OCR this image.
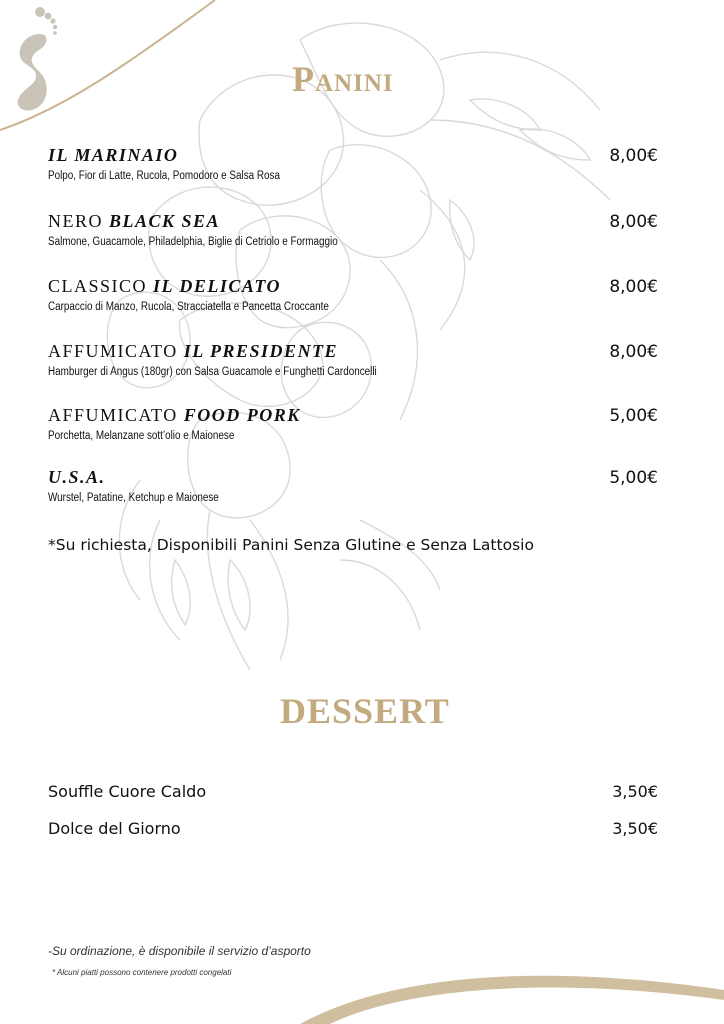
Panini
IL MARINAIO	8,00€
Polpo, Fior di Latte, Rucola, Pomodoro e Salsa Rosa
NERO BLACK SEA	8,00€
Salmone, Guacamole, Philadelphia, Biglie di Cetriolo e Formaggio
CLASSICO IL DELICATO	8,00€
Carpaccio di Manzo, Rucola, Stracciatella e Pancetta Croccante
AFFUMICATO IL PRESIDENTE	8,00€
Hamburger di Angus (180gr) con Salsa Guacamole e Funghetti Cardoncelli
AFFUMICATO FOOD PORK	5,00€
Porchetta, Melanzane sott’olio e Maionese
U.S.A.	5,00€
Wurstel, Patatine, Ketchup e Maionese
*Su richiesta, Disponibili Panini Senza Glutine e Senza Lattosio
DESSERT
Souffle Cuore Caldo	3,50€
Dolce del Giorno	3,50€
-Su ordinazione, è disponibile il servizio d’asporto
* Alcuni piatti possono contenere prodotti congelati
